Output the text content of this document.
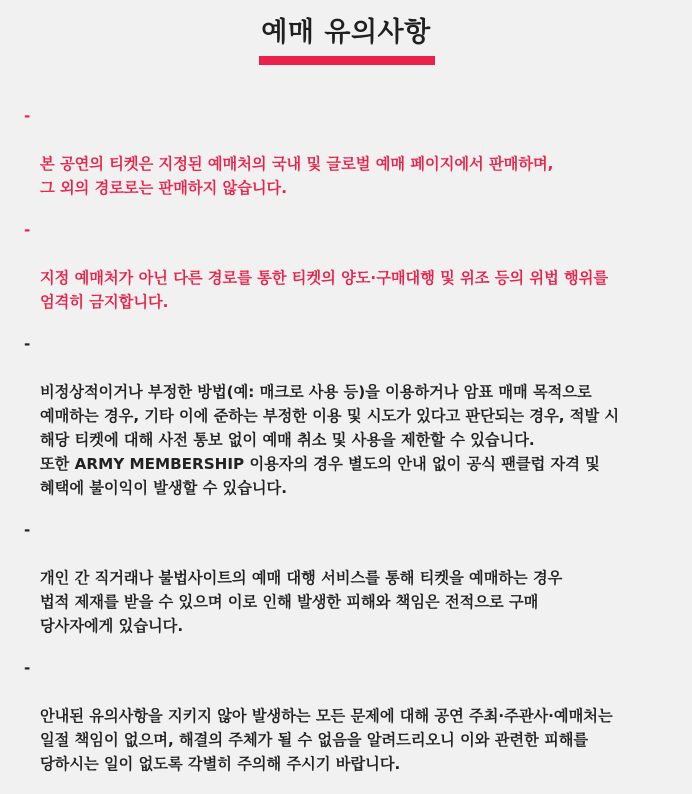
예매 유의사항

-

본 공연의 티켓은 지정된 예매처의 국내 및 글로벌 예매 페이지에서 판매하며,
그 외의 경로로는 판매하지 않습니다.

-

지정 예매처가 아닌 다른 경로를 통한 티켓의 양도·구매대행 및 위조 등의 위법 행위를
엄격히 금지합니다.

-

비정상적이거나 부정한 방법(예: 매크로 사용 등)을 이용하거나 암표 매매 목적으로
예매하는 경우, 기타 이에 준하는 부정한 이용 및 시도가 있다고 판단되는 경우, 적발 시
해당 티켓에 대해 사전 통보 없이 예매 취소 및 사용을 제한할 수 있습니다.
또한 ARMY MEMBERSHIP 이용자의 경우 별도의 안내 없이 공식 팬클럽 자격 및
혜택에 불이익이 발생할 수 있습니다.

-

개인 간 직거래나 불법사이트의 예매 대행 서비스를 통해 티켓을 예매하는 경우
법적 제재를 받을 수 있으며 이로 인해 발생한 피해와 책임은 전적으로 구매
당사자에게 있습니다.

-

안내된 유의사항을 지키지 않아 발생하는 모든 문제에 대해 공연 주최·주관사·예매처는
일절 책임이 없으며, 해결의 주체가 될 수 없음을 알려드리오니 이와 관련한 피해를
당하시는 일이 없도록 각별히 주의해 주시기 바랍니다.
